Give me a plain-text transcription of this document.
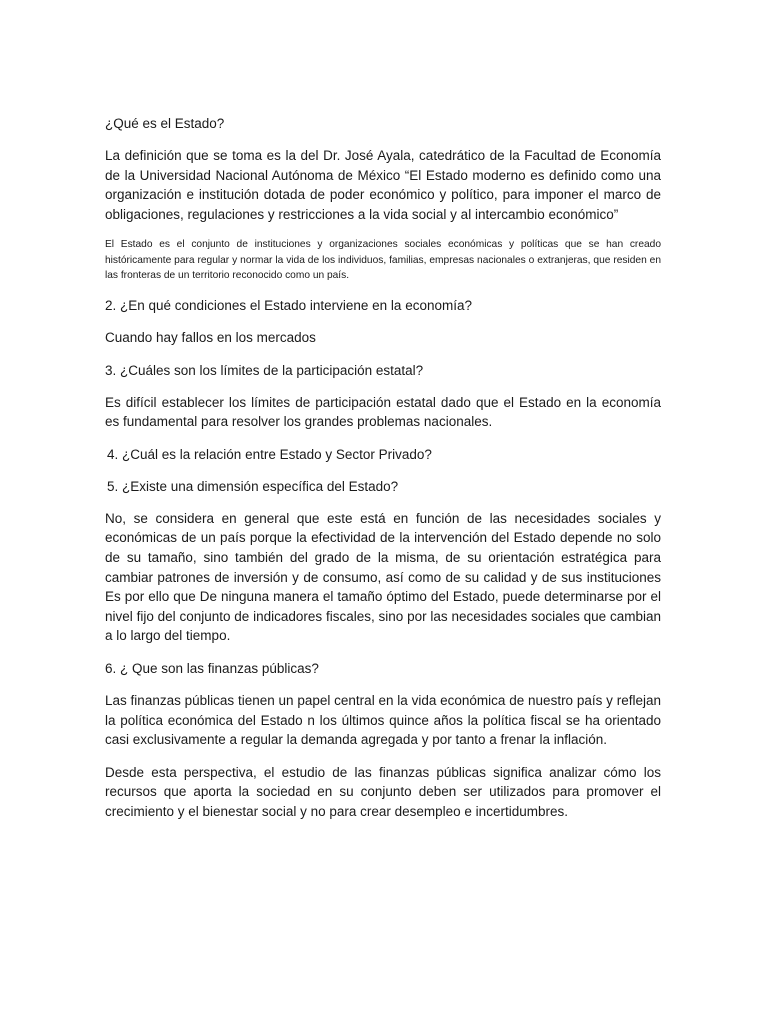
¿Qué es el Estado?

La definición que se toma es la del Dr. José Ayala, catedrático de la Facultad de Economía de la Universidad Nacional Autónoma de México “El Estado moderno es definido como una organización e institución dotada de poder económico y político, para imponer el marco de obligaciones, regulaciones y restricciones a la vida social y al intercambio económico”

El Estado es el conjunto de instituciones y organizaciones sociales económicas y políticas que se han creado históricamente para regular y normar la vida de los individuos, familias, empresas nacionales o extranjeras, que residen en las fronteras de un territorio reconocido como un país.

2. ¿En qué condiciones el Estado interviene en la economía?

Cuando hay fallos en los mercados

3. ¿Cuáles son los límites de la participación estatal?

Es difícil establecer los límites de participación estatal dado que el Estado en la economía es fundamental para resolver los grandes problemas nacionales.

4. ¿Cuál es la relación entre Estado y Sector Privado?

5. ¿Existe una dimensión específica del Estado?

No, se considera en general que este está en función de las necesidades sociales y económicas de un país porque la efectividad de la intervención del Estado depende no solo de su tamaño, sino también del grado de la misma, de su orientación estratégica para cambiar patrones de inversión y de consumo, así como de su calidad y de sus instituciones Es por ello que De ninguna manera el tamaño óptimo del Estado, puede determinarse por el nivel fijo del conjunto de indicadores fiscales, sino por las necesidades sociales que cambian a lo largo del tiempo.

6. ¿ Que son las finanzas públicas?

Las finanzas públicas tienen un papel central en la vida económica de nuestro país y reflejan la política económica del Estado n los últimos quince años la política fiscal se ha orientado casi exclusivamente a regular la demanda agregada y por tanto a frenar la inflación.

Desde esta perspectiva, el estudio de las finanzas públicas significa analizar cómo los recursos que aporta la sociedad en su conjunto deben ser utilizados para promover el crecimiento y el bienestar social y no para crear desempleo e incertidumbres.
